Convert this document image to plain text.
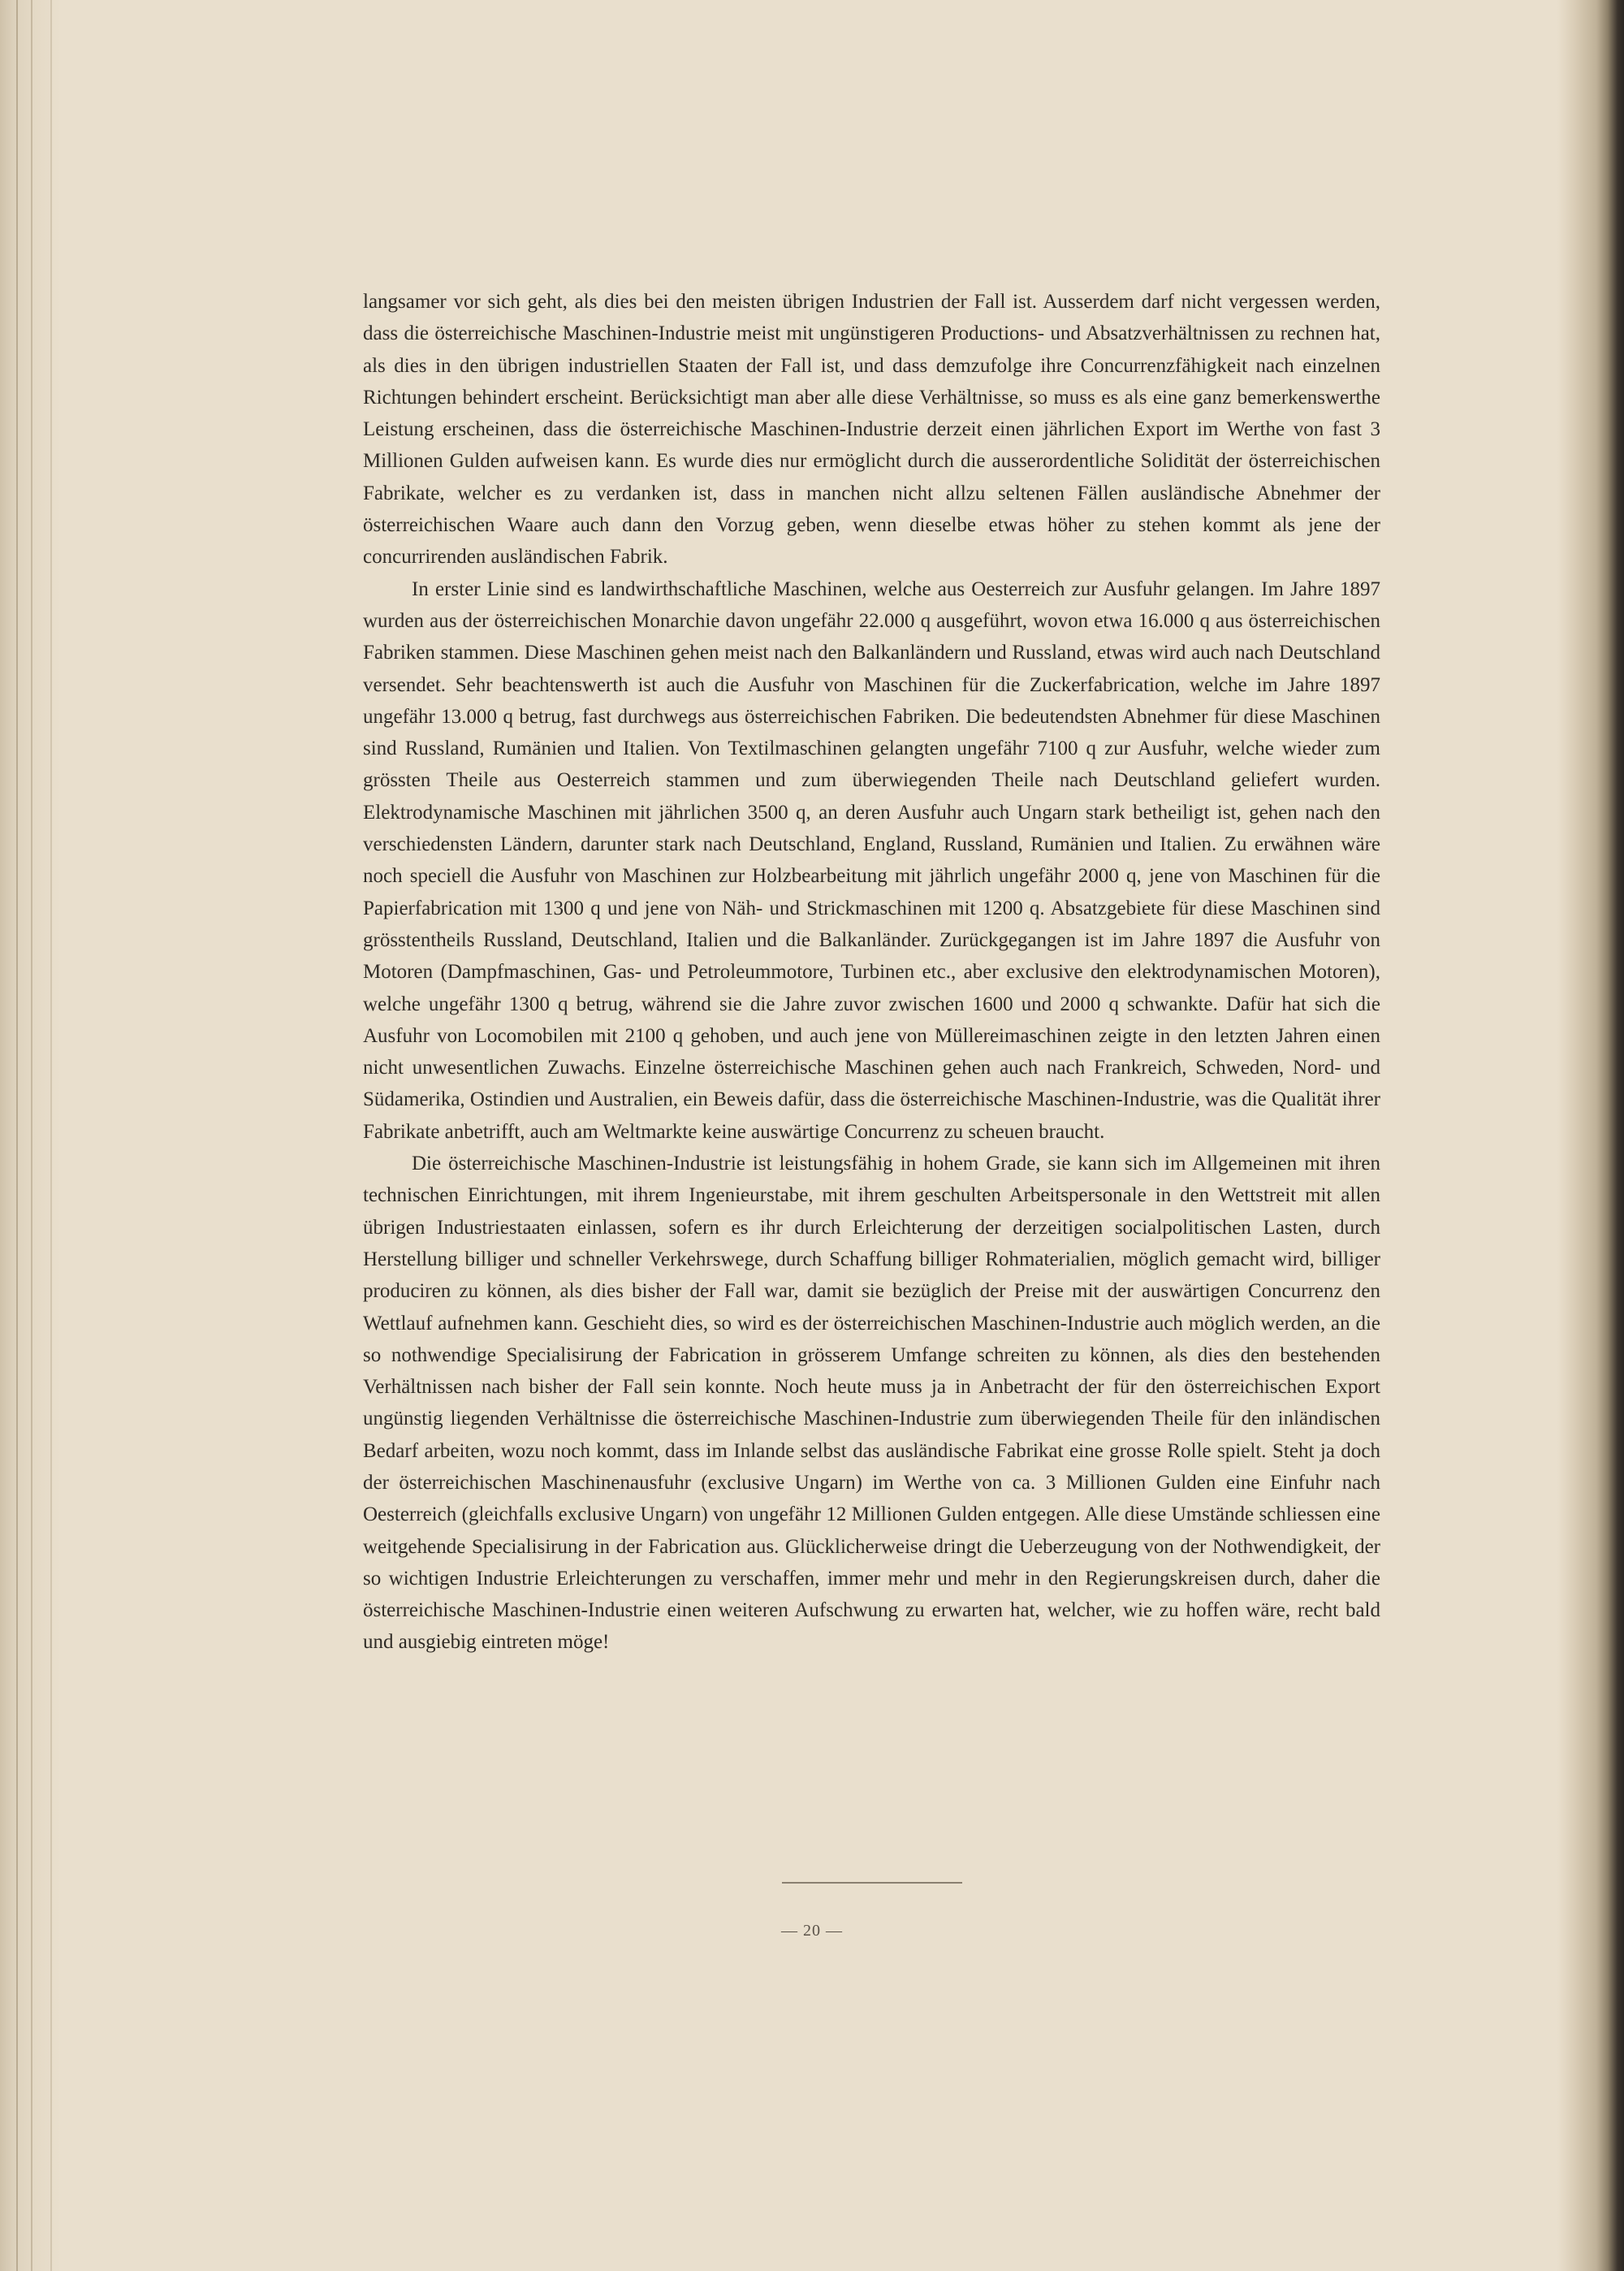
langsamer vor sich geht, als dies bei den meisten übrigen Industrien der Fall ist. Ausserdem darf nicht vergessen werden, dass die österreichische Maschinen-Industrie meist mit ungünstigeren Productions- und Absatzverhältnissen zu rechnen hat, als dies in den übrigen industriellen Staaten der Fall ist, und dass demzufolge ihre Concurrenzfähigkeit nach einzelnen Richtungen behindert erscheint. Berücksichtigt man aber alle diese Verhältnisse, so muss es als eine ganz bemerkenswerthe Leistung erscheinen, dass die österreichische Maschinen-Industrie derzeit einen jährlichen Export im Werthe von fast 3 Millionen Gulden aufweisen kann. Es wurde dies nur ermöglicht durch die ausserordentliche Solidität der österreichischen Fabrikate, welcher es zu verdanken ist, dass in manchen nicht allzu seltenen Fällen ausländische Abnehmer der österreichischen Waare auch dann den Vorzug geben, wenn dieselbe etwas höher zu stehen kommt als jene der concurrirenden ausländischen Fabrik.

In erster Linie sind es landwirthschaftliche Maschinen, welche aus Oesterreich zur Ausfuhr gelangen. Im Jahre 1897 wurden aus der österreichischen Monarchie davon ungefähr 22.000 q ausgeführt, wovon etwa 16.000 q aus österreichischen Fabriken stammen. Diese Maschinen gehen meist nach den Balkanländern und Russland, etwas wird auch nach Deutschland versendet. Sehr beachtenswerth ist auch die Ausfuhr von Maschinen für die Zuckerfabrication, welche im Jahre 1897 ungefähr 13.000 q betrug, fast durchwegs aus österreichischen Fabriken. Die bedeutendsten Abnehmer für diese Maschinen sind Russland, Rumänien und Italien. Von Textilmaschinen gelangten ungefähr 7100 q zur Ausfuhr, welche wieder zum grössten Theile aus Oesterreich stammen und zum überwiegenden Theile nach Deutschland geliefert wurden. Elektrodynamische Maschinen mit jährlichen 3500 q, an deren Ausfuhr auch Ungarn stark betheiligt ist, gehen nach den verschiedensten Ländern, darunter stark nach Deutschland, England, Russland, Rumänien und Italien. Zu erwähnen wäre noch speciell die Ausfuhr von Maschinen zur Holzbearbeitung mit jährlich ungefähr 2000 q, jene von Maschinen für die Papierfabrication mit 1300 q und jene von Näh- und Strickmaschinen mit 1200 q. Absatzgebiete für diese Maschinen sind grösstentheils Russland, Deutschland, Italien und die Balkanländer. Zurückgegangen ist im Jahre 1897 die Ausfuhr von Motoren (Dampfmaschinen, Gas- und Petroleummotore, Turbinen etc., aber exclusive den elektrodynamischen Motoren), welche ungefähr 1300 q betrug, während sie die Jahre zuvor zwischen 1600 und 2000 q schwankte. Dafür hat sich die Ausfuhr von Locomobilen mit 2100 q gehoben, und auch jene von Müllereimaschinen zeigte in den letzten Jahren einen nicht unwesentlichen Zuwachs. Einzelne österreichische Maschinen gehen auch nach Frankreich, Schweden, Nord- und Südamerika, Ostindien und Australien, ein Beweis dafür, dass die österreichische Maschinen-Industrie, was die Qualität ihrer Fabrikate anbetrifft, auch am Weltmarkte keine auswärtige Concurrenz zu scheuen braucht.

Die österreichische Maschinen-Industrie ist leistungsfähig in hohem Grade, sie kann sich im Allgemeinen mit ihren technischen Einrichtungen, mit ihrem Ingenieurstabe, mit ihrem geschulten Arbeitspersonale in den Wettstreit mit allen übrigen Industriestaaten einlassen, sofern es ihr durch Erleichterung der derzeitigen socialpolitischen Lasten, durch Herstellung billiger und schneller Verkehrswege, durch Schaffung billiger Rohmaterialien, möglich gemacht wird, billiger produciren zu können, als dies bisher der Fall war, damit sie bezüglich der Preise mit der auswärtigen Concurrenz den Wettlauf aufnehmen kann. Geschieht dies, so wird es der österreichischen Maschinen-Industrie auch möglich werden, an die so nothwendige Specialisirung der Fabrication in grösserem Umfange schreiten zu können, als dies den bestehenden Verhältnissen nach bisher der Fall sein konnte. Noch heute muss ja in Anbetracht der für den österreichischen Export ungünstig liegenden Verhältnisse die österreichische Maschinen-Industrie zum überwiegenden Theile für den inländischen Bedarf arbeiten, wozu noch kommt, dass im Inlande selbst das ausländische Fabrikat eine grosse Rolle spielt. Steht ja doch der österreichischen Maschinenausfuhr (exclusive Ungarn) im Werthe von ca. 3 Millionen Gulden eine Einfuhr nach Oesterreich (gleichfalls exclusive Ungarn) von ungefähr 12 Millionen Gulden entgegen. Alle diese Umstände schliessen eine weitgehende Specialisirung in der Fabrication aus. Glücklicherweise dringt die Ueberzeugung von der Nothwendigkeit, der so wichtigen Industrie Erleichterungen zu verschaffen, immer mehr und mehr in den Regierungskreisen durch, daher die österreichische Maschinen-Industrie einen weiteren Aufschwung zu erwarten hat, welcher, wie zu hoffen wäre, recht bald und ausgiebig eintreten möge!

— 20 —
